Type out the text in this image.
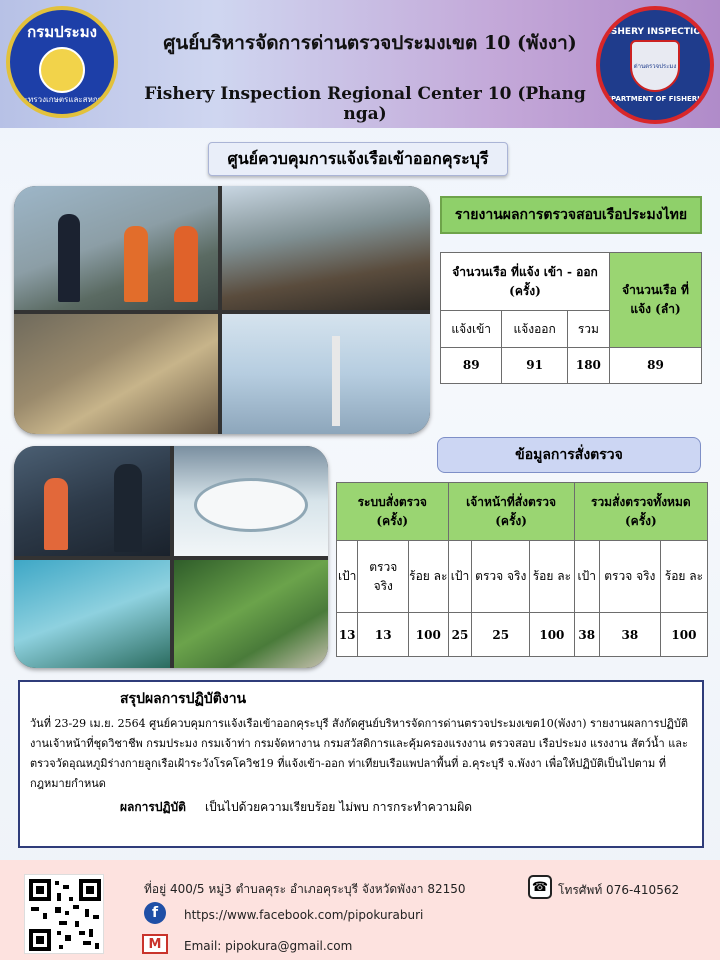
กรมประมง
กระทรวงเกษตรและสหกรณ์
ศูนย์บริหารจัดการด่านตรวจประมงเขต 10 (พังงา)
Fishery Inspection Regional Center 10 (Phang nga)
FISHERY INSPECTION
ด่านตรวจประมง
DEPARTMENT OF FISHERIES
ศูนย์ควบคุมการแจ้งเรือเข้าออกคุระบุรี
รายงานผลการตรวจสอบเรือประมงไทย
จำนวนเรือ ที่แจ้ง เข้า - ออก (ครั้ง)			จำนวนเรือ ที่แจ้ง (ลำ)
แจ้งเข้า	แจ้งออก	รวม	
89	91	180	89
ข้อมูลการสั่งตรวจ
ระบบสั่งตรวจ (ครั้ง)			เจ้าหน้าที่สั่งตรวจ (ครั้ง)			รวมสั่งตรวจทั้งหมด (ครั้ง)		
เป้า	ตรวจ จริง	ร้อย ละ	เป้า	ตรวจ จริง	ร้อย ละ	เป้า	ตรวจ จริง	ร้อย ละ
13	13	100	25	25	100	38	38	100
สรุปผลการปฏิบัติงาน

วันที่ 23-29 เม.ย. 2564 ศูนย์ควบคุมการแจ้งเรือเข้าออกคุระบุรี สังกัดศูนย์บริหารจัดการด่านตรวจประมงเขต10(พังงา) รายงานผลการปฏิบัติงานเจ้าหน้าที่ชุดวิชาชีพ กรมประมง กรมเจ้าท่า กรมจัดหางาน กรมสวัสดิการและคุ้มครองแรงงาน ตรวจสอบ เรือประมง แรงงาน สัตว์น้ำ และตรวจวัดอุณหภูมิร่างกายลูกเรือเฝ้าระวังโรคโควิช19 ที่แจ้งเข้า-ออก ท่าเทียบเรือแพปลาพื้นที่ อ.คุระบุรี จ.พังงา เพื่อให้ปฏิบัติเป็นไปตาม ที่กฎหมายกำหนด

ผลการปฏิบัติ เป็นไปด้วยความเรียบร้อย ไม่พบ การกระทำความผิด
ที่อยู่ 400/5 หมู่3 ตำบลคุระ อำเภอคุระบุรี จังหวัดพังงา 82150	☎ โทรศัพท์ 076-410562
f	https://www.facebook.com/pipokuraburi
M	Email: pipokura@gmail.com
